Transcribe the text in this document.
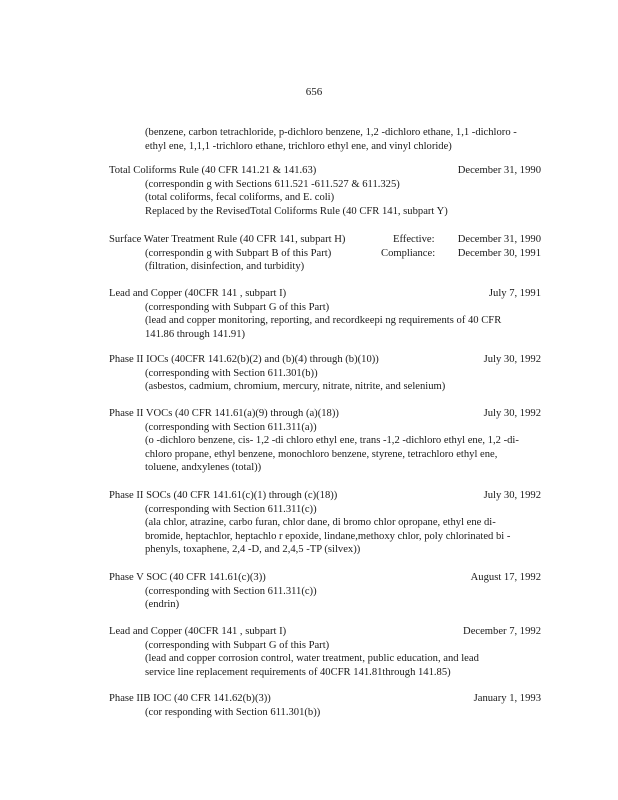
656
(benzene, carbon tetrachloride, p-dichloro benzene, 1,2 -dichloro ethane, 1,1 -dichloro -
ethyl ene, 1,1,1 -trichloro ethane, trichloro ethyl ene, and vinyl chloride)
Total Coliforms Rule (40 CFR 141.21 & 141.63)	December 31, 1990
(correspondin g with Sections 611.521 -611.527 & 611.325)
(total coliforms, fecal coliforms, and E. coli)
Replaced by the RevisedTotal Coliforms Rule (40 CFR 141, subpart Y)
Surface Water Treatment Rule (40 CFR 141, subpart H)	Effective: December 31, 1990
(correspondin g with Subpart B of this Part)	Compliance: December 30, 1991
(filtration, disinfection, and turbidity)
Lead and Copper (40CFR 141 , subpart I)	July 7, 1991
(corresponding with Subpart G of this Part)
(lead and copper monitoring, reporting, and recordkeepi ng requirements of 40 CFR
141.86 through 141.91)
Phase II IOCs (40CFR 141.62(b)(2) and (b)(4) through (b)(10))	July 30, 1992
(corresponding with Section 611.301(b))
(asbestos, cadmium, chromium, mercury, nitrate, nitrite, and selenium)
Phase II VOCs (40 CFR 141.61(a)(9) through (a)(18))	July 30, 1992
(corresponding with Section 611.311(a))
(o -dichloro benzene, cis- 1,2 -di chloro ethyl ene, trans -1,2 -dichloro ethyl ene, 1,2 -di-
chloro propane, ethyl benzene, monochloro benzene, styrene, tetrachloro ethyl ene,
toluene, andxylenes (total))
Phase II SOCs (40 CFR 141.61(c)(1) through (c)(18))	July 30, 1992
(corresponding with Section 611.311(c))
(ala chlor, atrazine, carbo furan, chlor dane, di bromo chlor opropane, ethyl ene di-
bromide, heptachlor, heptachlo r epoxide, lindane,methoxy chlor, poly chlorinated bi -
phenyls, toxaphene, 2,4 -D, and 2,4,5 -TP (silvex))
Phase V SOC (40 CFR 141.61(c)(3))	August 17, 1992
(corresponding with Section 611.311(c))
(endrin)
Lead and Copper (40CFR 141 , subpart I)	December 7, 1992
(corresponding with Subpart G of this Part)
(lead and copper corrosion control, water treatment, public education, and lead
service line replacement requirements of 40CFR 141.81through 141.85)
Phase IIB IOC (40 CFR 141.62(b)(3))	January 1, 1993
(cor responding with Section 611.301(b))
